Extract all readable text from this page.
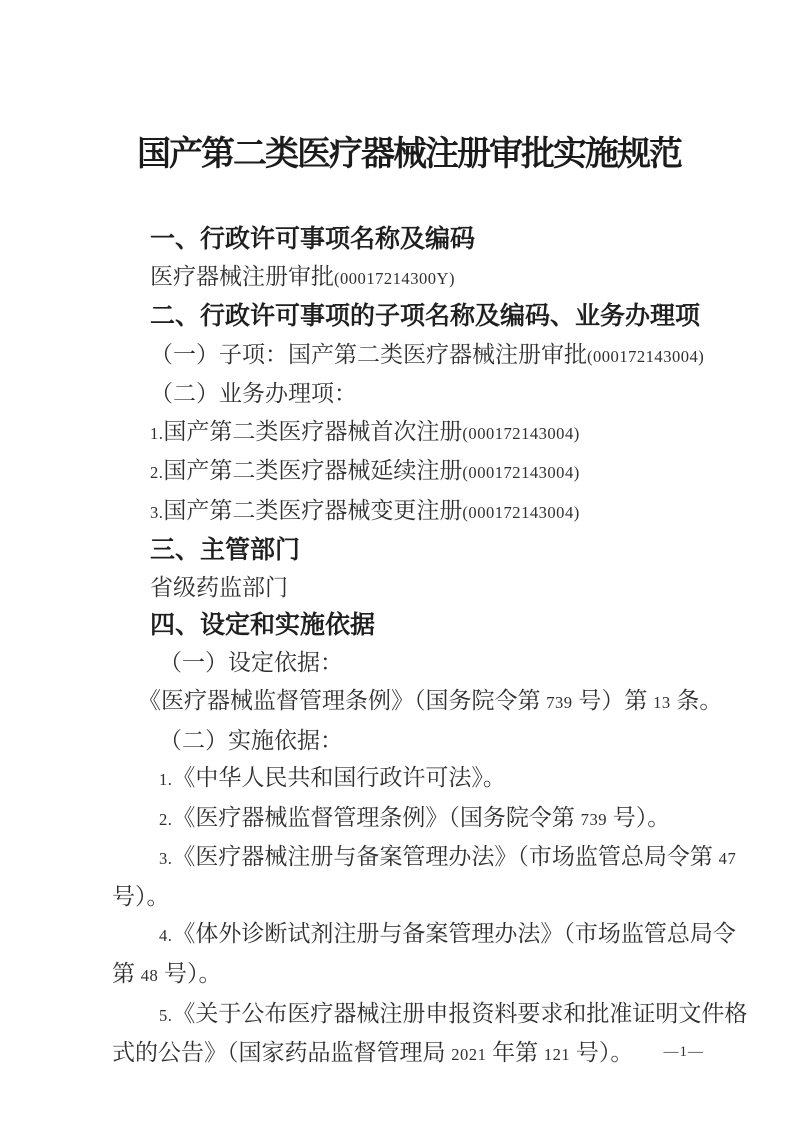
国产第二类医疗器械注册审批实施规范
一、行政许可事项名称及编码
医疗器械注册审批(00017214300Y)
二、行政许可事项的子项名称及编码、业务办理项
（一）子项：国产第二类医疗器械注册审批(000172143004)
（二）业务办理项：
1.国产第二类医疗器械首次注册(000172143004)
2.国产第二类医疗器械延续注册(000172143004)
3.国产第二类医疗器械变更注册(000172143004)
三、主管部门
省级药监部门
四、设定和实施依据
（一）设定依据：
《医疗器械监督管理条例》（国务院令第 739 号）第 13 条。
（二）实施依据：
1.《中华人民共和国行政许可法》。
2.《医疗器械监督管理条例》（国务院令第 739 号）。
3.《医疗器械注册与备案管理办法》（市场监管总局令第 47
号）。
4.《体外诊断试剂注册与备案管理办法》（市场监管总局令
第 48 号）。
5.《关于公布医疗器械注册申报资料要求和批准证明文件格
式的公告》（国家药品监督管理局 2021 年第 121 号）。	—1—
